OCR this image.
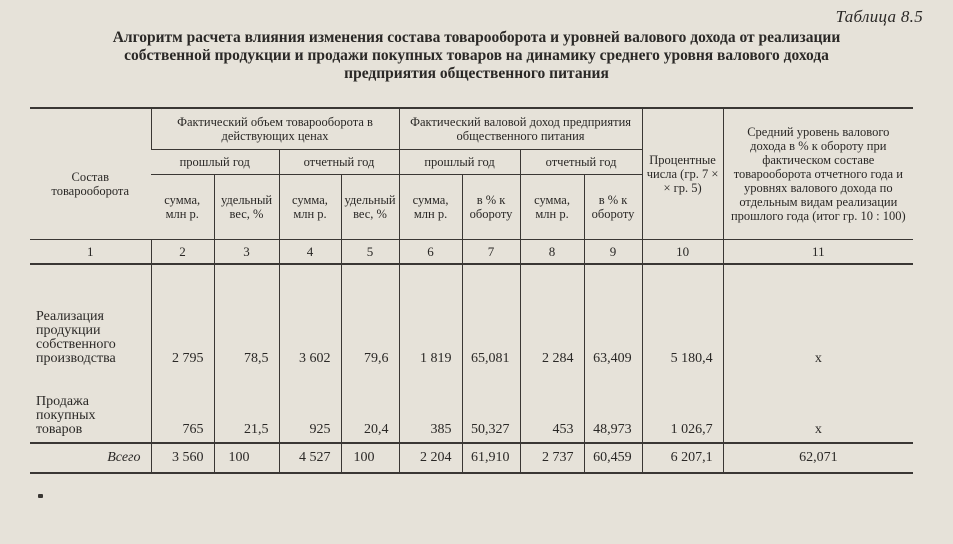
Таблица 8.5
Алгоритм расчета влияния изменения состава товарооборота и уровней валового дохода от реализации
собственной продукции и продажи покупных товаров на динамику среднего уровня валового дохода
предприятия общественного питания
Состав товарооборота	Фактический объем товарооборота в действующих ценах				Фактический валовой доход предприятия общественного питания				Процентные числа (гр. 7 × × гр. 5)	Средний уровень валового дохода в % к обороту при фактическом составе товарооборота отчетного года и уровнях валового дохода по отдельным видам реализации прошлого года (итог гр. 10 : 100)
	прошлый год		отчетный год		прошлый год		отчетный год			
	сумма, млн р.	удельный вес, %	сумма, млн р.	удельный вес, %	сумма, млн р.	в % к обороту	сумма, млн р.	в % к обороту		
1	2	3	4	5	6	7	8	9	10	11

Реализация
продукции
собственного
производства	2 795	78,5	3 602	79,6	1 819	65,081	2 284	63,409	5 180,4	х

Продажа
покупных
товаров	765	21,5	925	20,4	385	50,327	453	48,973	1 026,7	х
Всего	3 560	100	4 527	100	2 204	61,910	2 737	60,459	6 207,1	62,071
